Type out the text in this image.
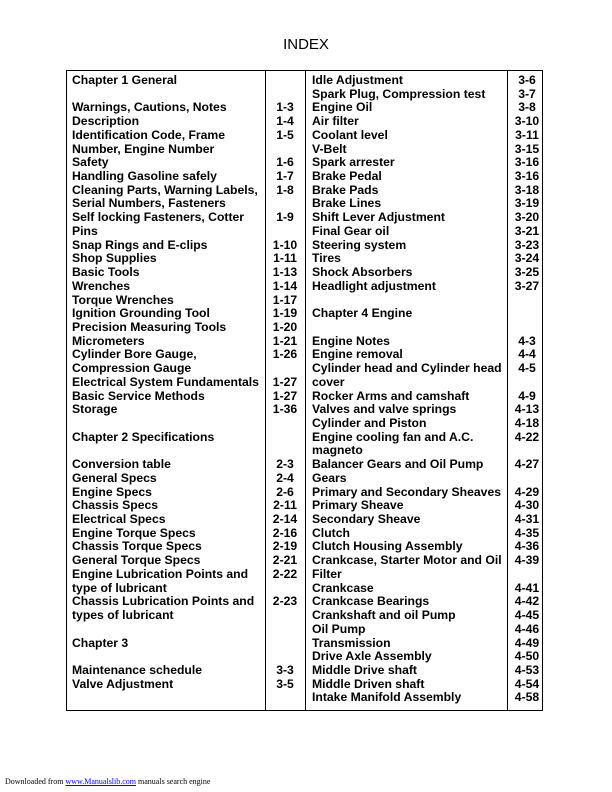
INDEX
Chapter 1 General
Warnings, Cautions, Notes	1-3
Description	1-4
Identification Code, Frame	1-5
Number, Engine Number
Safety	1-6
Handling Gasoline safely	1-7
Cleaning Parts, Warning Labels,	1-8
Serial Numbers, Fasteners
Self locking Fasteners, Cotter	1-9
Pins
Snap Rings and E-clips	1-10
Shop Supplies	1-11
Basic Tools	1-13
Wrenches	1-14
Torque Wrenches	1-17
Ignition Grounding Tool	1-19
Precision Measuring Tools	1-20
Micrometers	1-21
Cylinder Bore Gauge,	1-26
Compression Gauge
Electrical System Fundamentals	1-27
Basic Service Methods	1-27
Storage	1-36
Chapter 2 Specifications
Conversion table	2-3
General Specs	2-4
Engine Specs	2-6
Chassis Specs	2-11
Electrical Specs	2-14
Engine Torque Specs	2-16
Chassis Torque Specs	2-19
General Torque Specs	2-21
Engine Lubrication Points and	2-22
type of lubricant
Chassis Lubrication Points and	2-23
types of lubricant
Chapter 3
Maintenance schedule	3-3
Valve Adjustment	3-5
Idle Adjustment	3-6
Spark Plug, Compression test	3-7
Engine Oil	3-8
Air filter	3-10
Coolant level	3-11
V-Belt	3-15
Spark arrester	3-16
Brake Pedal	3-16
Brake Pads	3-18
Brake Lines	3-19
Shift Lever Adjustment	3-20
Final Gear oil	3-21
Steering system	3-23
Tires	3-24
Shock Absorbers	3-25
Headlight adjustment	3-27
Chapter 4 Engine
Engine Notes	4-3
Engine removal	4-4
Cylinder head and Cylinder head	4-5
cover
Rocker Arms and camshaft	4-9
Valves and valve springs	4-13
Cylinder and Piston	4-18
Engine cooling fan and A.C.	4-22
magneto
Balancer Gears and Oil Pump	4-27
Gears
Primary and Secondary Sheaves	4-29
Primary Sheave	4-30
Secondary Sheave	4-31
Clutch	4-35
Clutch Housing Assembly	4-36
Crankcase, Starter Motor and Oil	4-39
Filter
Crankcase	4-41
Crankcase Bearings	4-42
Crankshaft and oil Pump	4-45
Oil Pump	4-46
Transmission	4-49
Drive Axle Assembly	4-50
Middle Drive shaft	4-53
Middle Driven shaft	4-54
Intake Manifold Assembly	4-58
Downloaded from www.Manualslib.com manuals search engine
